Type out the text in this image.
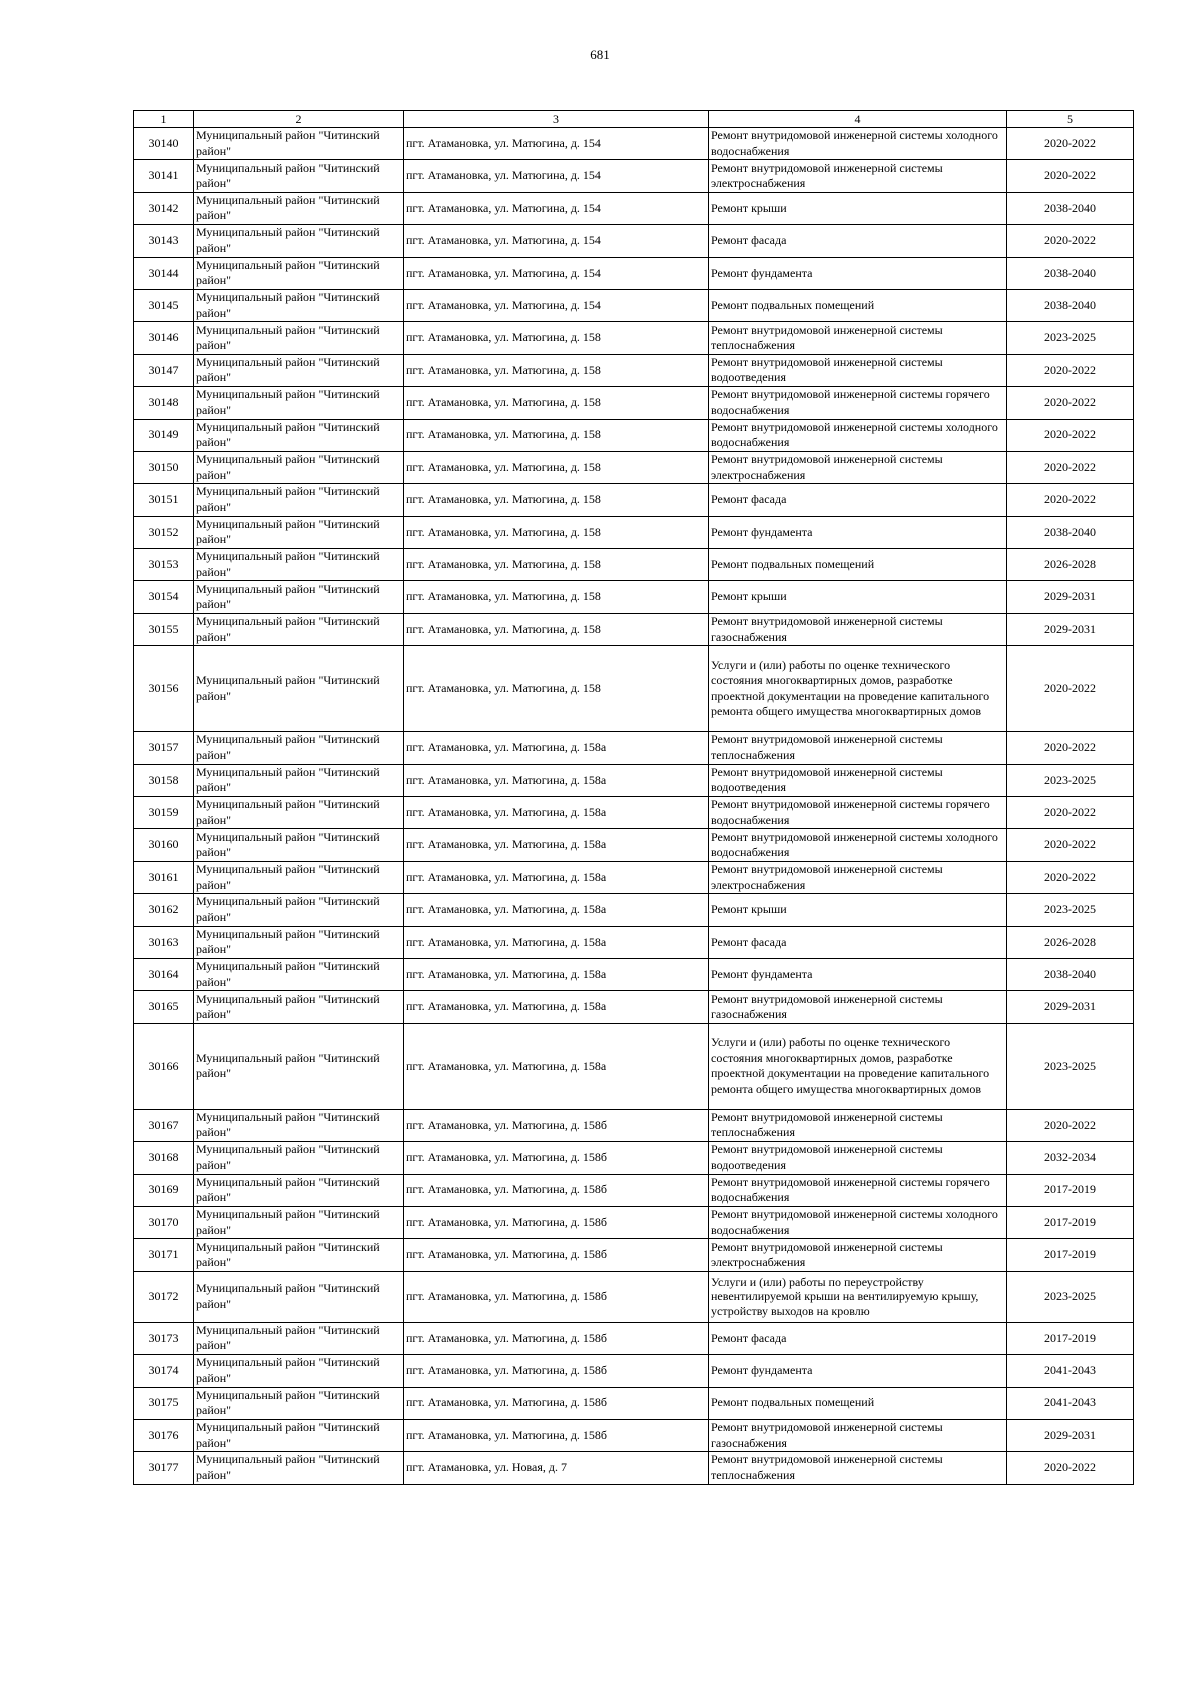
681
1	2	3	4	5
30140	Муниципальный район "Читинский район"	пгт. Атамановка, ул. Матюгина, д. 154	Ремонт внутридомовой инженерной системы холодного водоснабжения	2020-2022
30141	Муниципальный район "Читинский район"	пгт. Атамановка, ул. Матюгина, д. 154	Ремонт внутридомовой инженерной системы электроснабжения	2020-2022
30142	Муниципальный район "Читинский район"	пгт. Атамановка, ул. Матюгина, д. 154	Ремонт крыши	2038-2040
30143	Муниципальный район "Читинский район"	пгт. Атамановка, ул. Матюгина, д. 154	Ремонт фасада	2020-2022
30144	Муниципальный район "Читинский район"	пгт. Атамановка, ул. Матюгина, д. 154	Ремонт фундамента	2038-2040
30145	Муниципальный район "Читинский район"	пгт. Атамановка, ул. Матюгина, д. 154	Ремонт подвальных помещений	2038-2040
30146	Муниципальный район "Читинский район"	пгт. Атамановка, ул. Матюгина, д. 158	Ремонт внутридомовой инженерной системы теплоснабжения	2023-2025
30147	Муниципальный район "Читинский район"	пгт. Атамановка, ул. Матюгина, д. 158	Ремонт внутридомовой инженерной системы водоотведения	2020-2022
30148	Муниципальный район "Читинский район"	пгт. Атамановка, ул. Матюгина, д. 158	Ремонт внутридомовой инженерной системы горячего водоснабжения	2020-2022
30149	Муниципальный район "Читинский район"	пгт. Атамановка, ул. Матюгина, д. 158	Ремонт внутридомовой инженерной системы холодного водоснабжения	2020-2022
30150	Муниципальный район "Читинский район"	пгт. Атамановка, ул. Матюгина, д. 158	Ремонт внутридомовой инженерной системы электроснабжения	2020-2022
30151	Муниципальный район "Читинский район"	пгт. Атамановка, ул. Матюгина, д. 158	Ремонт фасада	2020-2022
30152	Муниципальный район "Читинский район"	пгт. Атамановка, ул. Матюгина, д. 158	Ремонт фундамента	2038-2040
30153	Муниципальный район "Читинский район"	пгт. Атамановка, ул. Матюгина, д. 158	Ремонт подвальных помещений	2026-2028
30154	Муниципальный район "Читинский район"	пгт. Атамановка, ул. Матюгина, д. 158	Ремонт крыши	2029-2031
30155	Муниципальный район "Читинский район"	пгт. Атамановка, ул. Матюгина, д. 158	Ремонт внутридомовой инженерной системы газоснабжения	2029-2031
30156	Муниципальный район "Читинский район"	пгт. Атамановка, ул. Матюгина, д. 158	Услуги и (или) работы по оценке технического состояния многоквартирных домов, разработке проектной документации на проведение капитального ремонта общего имущества многоквартирных домов	2020-2022
30157	Муниципальный район "Читинский район"	пгт. Атамановка, ул. Матюгина, д. 158а	Ремонт внутридомовой инженерной системы теплоснабжения	2020-2022
30158	Муниципальный район "Читинский район"	пгт. Атамановка, ул. Матюгина, д. 158а	Ремонт внутридомовой инженерной системы водоотведения	2023-2025
30159	Муниципальный район "Читинский район"	пгт. Атамановка, ул. Матюгина, д. 158а	Ремонт внутридомовой инженерной системы горячего водоснабжения	2020-2022
30160	Муниципальный район "Читинский район"	пгт. Атамановка, ул. Матюгина, д. 158а	Ремонт внутридомовой инженерной системы холодного водоснабжения	2020-2022
30161	Муниципальный район "Читинский район"	пгт. Атамановка, ул. Матюгина, д. 158а	Ремонт внутридомовой инженерной системы электроснабжения	2020-2022
30162	Муниципальный район "Читинский район"	пгт. Атамановка, ул. Матюгина, д. 158а	Ремонт крыши	2023-2025
30163	Муниципальный район "Читинский район"	пгт. Атамановка, ул. Матюгина, д. 158а	Ремонт фасада	2026-2028
30164	Муниципальный район "Читинский район"	пгт. Атамановка, ул. Матюгина, д. 158а	Ремонт фундамента	2038-2040
30165	Муниципальный район "Читинский район"	пгт. Атамановка, ул. Матюгина, д. 158а	Ремонт внутридомовой инженерной системы газоснабжения	2029-2031
30166	Муниципальный район "Читинский район"	пгт. Атамановка, ул. Матюгина, д. 158а	Услуги и (или) работы по оценке технического состояния многоквартирных домов, разработке проектной документации на проведение капитального ремонта общего имущества многоквартирных домов	2023-2025
30167	Муниципальный район "Читинский район"	пгт. Атамановка, ул. Матюгина, д. 158б	Ремонт внутридомовой инженерной системы теплоснабжения	2020-2022
30168	Муниципальный район "Читинский район"	пгт. Атамановка, ул. Матюгина, д. 158б	Ремонт внутридомовой инженерной системы водоотведения	2032-2034
30169	Муниципальный район "Читинский район"	пгт. Атамановка, ул. Матюгина, д. 158б	Ремонт внутридомовой инженерной системы горячего водоснабжения	2017-2019
30170	Муниципальный район "Читинский район"	пгт. Атамановка, ул. Матюгина, д. 158б	Ремонт внутридомовой инженерной системы холодного водоснабжения	2017-2019
30171	Муниципальный район "Читинский район"	пгт. Атамановка, ул. Матюгина, д. 158б	Ремонт внутридомовой инженерной системы электроснабжения	2017-2019
30172	Муниципальный район "Читинский район"	пгт. Атамановка, ул. Матюгина, д. 158б	Услуги и (или) работы по переустройству невентилируемой крыши на вентилируемую крышу, устройству выходов на кровлю	2023-2025
30173	Муниципальный район "Читинский район"	пгт. Атамановка, ул. Матюгина, д. 158б	Ремонт фасада	2017-2019
30174	Муниципальный район "Читинский район"	пгт. Атамановка, ул. Матюгина, д. 158б	Ремонт фундамента	2041-2043
30175	Муниципальный район "Читинский район"	пгт. Атамановка, ул. Матюгина, д. 158б	Ремонт подвальных помещений	2041-2043
30176	Муниципальный район "Читинский район"	пгт. Атамановка, ул. Матюгина, д. 158б	Ремонт внутридомовой инженерной системы газоснабжения	2029-2031
30177	Муниципальный район "Читинский район"	пгт. Атамановка, ул. Новая, д. 7	Ремонт внутридомовой инженерной системы теплоснабжения	2020-2022
